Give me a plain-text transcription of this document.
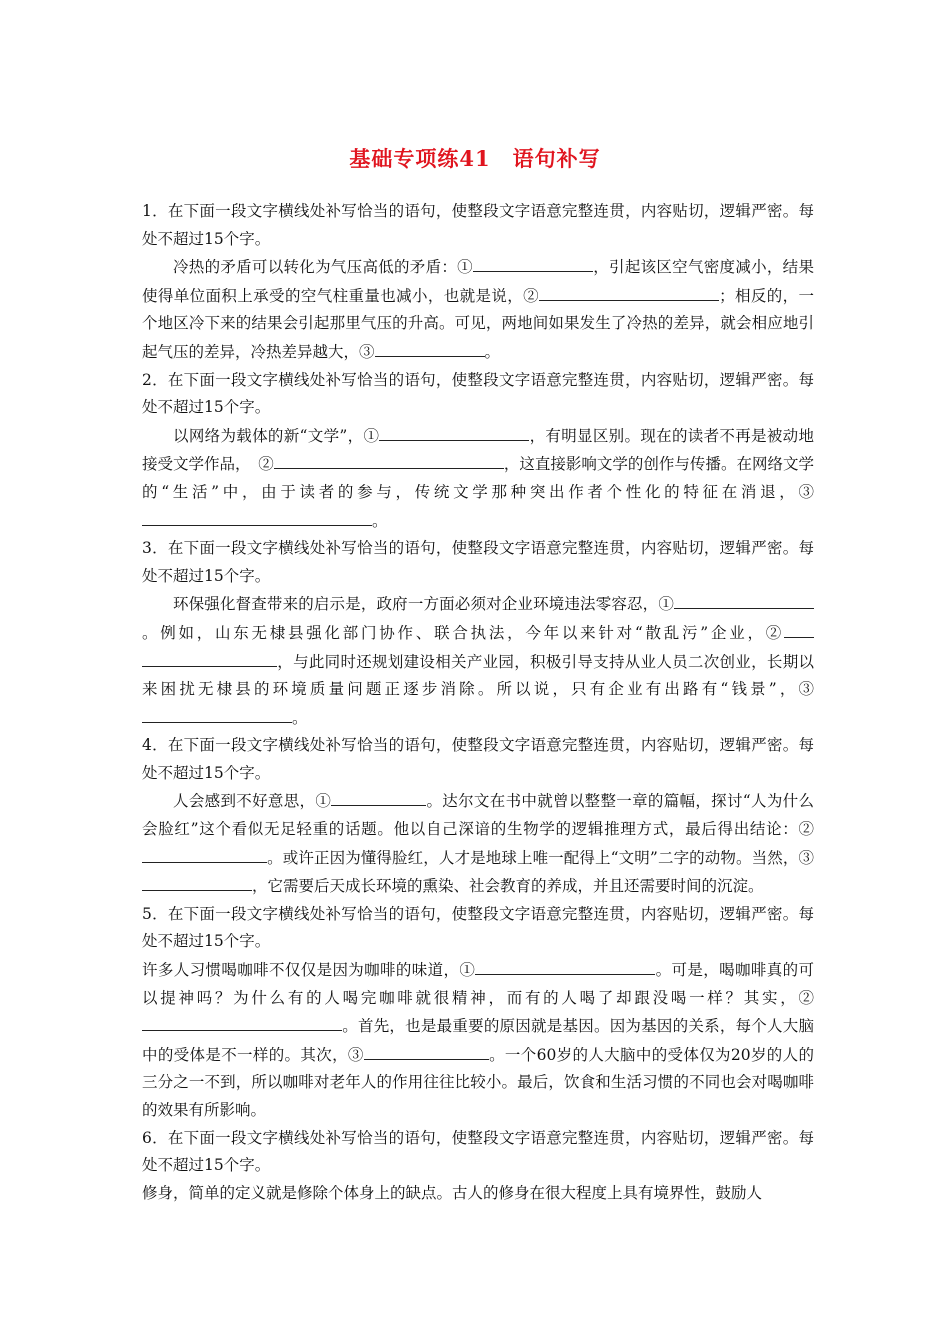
基础专项练41　语句补写

1．在下面一段文字横线处补写恰当的语句，使整段文字语意完整连贯，内容贴切，逻辑严密。每处不超过15个字。

冷热的矛盾可以转化为气压高低的矛盾：①	，引起该区空气密度减小，结果使得单位面积上承受的空气柱重量也减小，也就是说，②	；相反的，一个地区冷下来的结果会引起那里气压的升高。可见，两地间如果发生了冷热的差异，就会相应地引起气压的差异，冷热差异越大，③	。

2．在下面一段文字横线处补写恰当的语句，使整段文字语意完整连贯，内容贴切，逻辑严密。每处不超过15个字。

以网络为载体的新“文学”，①	，有明显区别。现在的读者不再是被动地接受文学作品，　②	，这直接影响文学的创作与传播。在网络文学的“生活”中，由于读者的参与，传统文学那种突出作者个性化的特征在消退，③。

3．在下面一段文字横线处补写恰当的语句，使整段文字语意完整连贯，内容贴切，逻辑严密。每处不超过15个字。

环保强化督查带来的启示是，政府一方面必须对企业环境违法零容忍，①。例如，山东无棣县强化部门协作、联合执法，今年以来针对“散乱污”企业，②，与此同时还规划建设相关产业园，积极引导支持从业人员二次创业，长期以来困扰无棣县的环境质量问题正逐步消除。所以说，只有企业有出路有“钱景”，③。

4．在下面一段文字横线处补写恰当的语句，使整段文字语意完整连贯，内容贴切，逻辑严密。每处不超过15个字。

人会感到不好意思，①	。达尔文在书中就曾以整整一章的篇幅，探讨“人为什么会脸红”这个看似无足轻重的话题。他以自己深谙的生物学的逻辑推理方式，最后得出结论：②。或许正因为懂得脸红，人才是地球上唯一配得上“文明”二字的动物。当然，③，它需要后天成长环境的熏染、社会教育的养成，并且还需要时间的沉淀。

5．在下面一段文字横线处补写恰当的语句，使整段文字语意完整连贯，内容贴切，逻辑严密。每处不超过15个字。

许多人习惯喝咖啡不仅仅是因为咖啡的味道，①	。可是，喝咖啡真的可以提神吗？为什么有的人喝完咖啡就很精神，而有的人喝了却跟没喝一样？其实，②。首先，也是最重要的原因就是基因。因为基因的关系，每个人大脑中的受体是不一样的。其次，③	。一个60岁的人大脑中的受体仅为20岁的人的三分之一不到，所以咖啡对老年人的作用往往比较小。最后，饮食和生活习惯的不同也会对喝咖啡的效果有所影响。

6．在下面一段文字横线处补写恰当的语句，使整段文字语意完整连贯，内容贴切，逻辑严密。每处不超过15个字。

修身，简单的定义就是修除个体身上的缺点。古人的修身在很大程度上具有境界性，鼓励人
